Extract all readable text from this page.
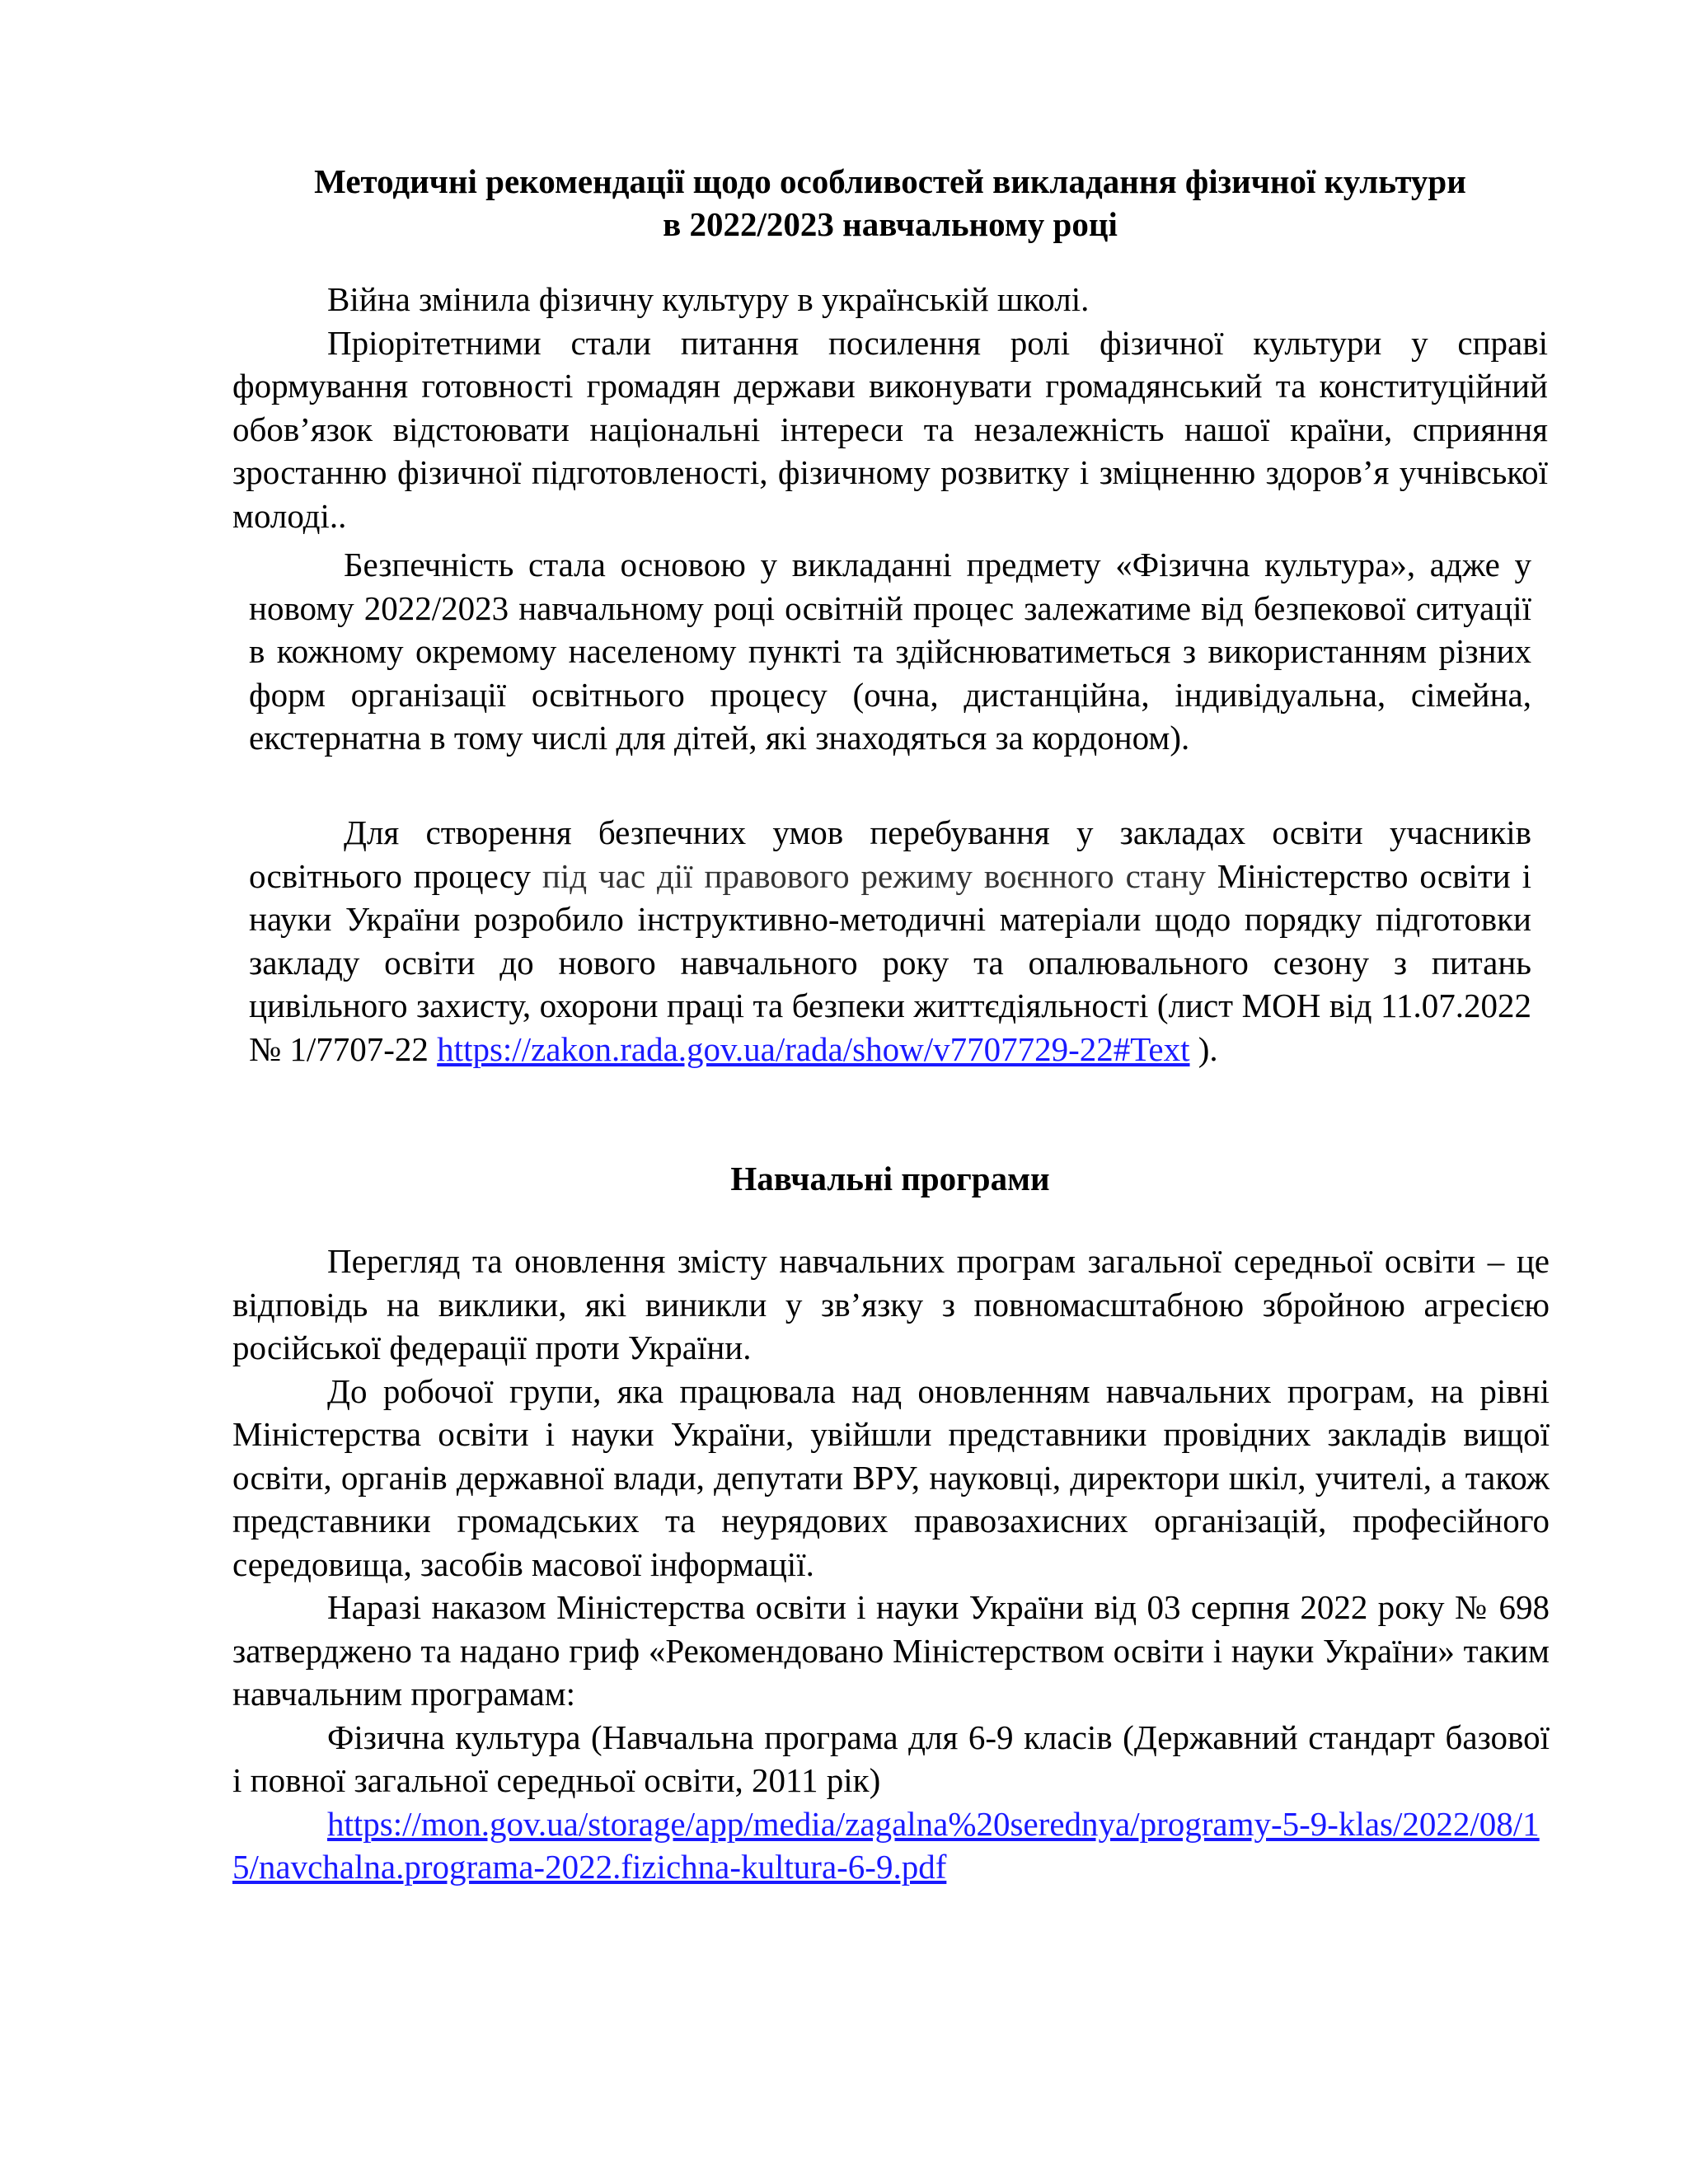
Методичні рекомендації щодо особливостей викладання фізичної культури
в 2022/2023 навчальному році

Війна змінила фізичну культуру в українській школі.

Пріорітетними стали питання посилення ролі фізичної культури у справі формування готовності громадян держави виконувати громадянський та конституційний обов’язок відстоювати національні інтереси та незалежність нашої країни, сприяння зростанню фізичної підготовленості, фізичному розвитку і зміцненню здоров’я учнівської молоді..

Безпечність стала основою у викладанні предмету «Фізична культура», адже у новому 2022/2023 навчальному році освітній процес залежатиме від безпекової ситуації в кожному окремому населеному пункті та здійснюватиметься з використанням різних форм організації освітнього процесу (очна, дистанційна, індивідуальна, сімейна, екстернатна в тому числі для дітей, які знаходяться за кордоном).

Для створення безпечних умов перебування у закладах освіти учасників освітнього процесу під час дії правового режиму воєнного стану Міністерство освіти і науки України розробило інструктивно-методичні матеріали щодо порядку підготовки закладу освіти до нового навчального року та опалювального сезону з питань цивільного захисту, охорони праці та безпеки життєдіяльності (лист МОН від 11.07.2022 № 1/7707-22 https://zakon.rada.gov.ua/rada/show/v7707729-22#Text ).

Навчальні програми

Перегляд та оновлення змісту навчальних програм загальної середньої освіти – це відповідь на виклики, які виникли у зв’язку з повномасштабною збройною агресією російської федерації проти України.

До робочої групи, яка працювала над оновленням навчальних програм, на рівні Міністерства освіти і науки України, увійшли представники провідних закладів вищої освіти, органів державної влади, депутати ВРУ, науковці, директори шкіл, учителі, а також представники громадських та неурядових правозахисних організацій, професійного середовища, засобів масової інформації.

Наразі наказом Міністерства освіти і науки України від 03 серпня 2022 року № 698 затверджено та надано гриф «Рекомендовано Міністерством освіти і науки України» таким навчальним програмам:

Фізична культура (Навчальна програма для 6-9 класів (Державний стандарт базової і повної загальної середньої освіти, 2011 рік)

https://mon.gov.ua/storage/app/media/zagalna%20serednya/programy-5-9-klas/2022/08/15/navchalna.programa-2022.fizichna-kultura-6-9.pdf
